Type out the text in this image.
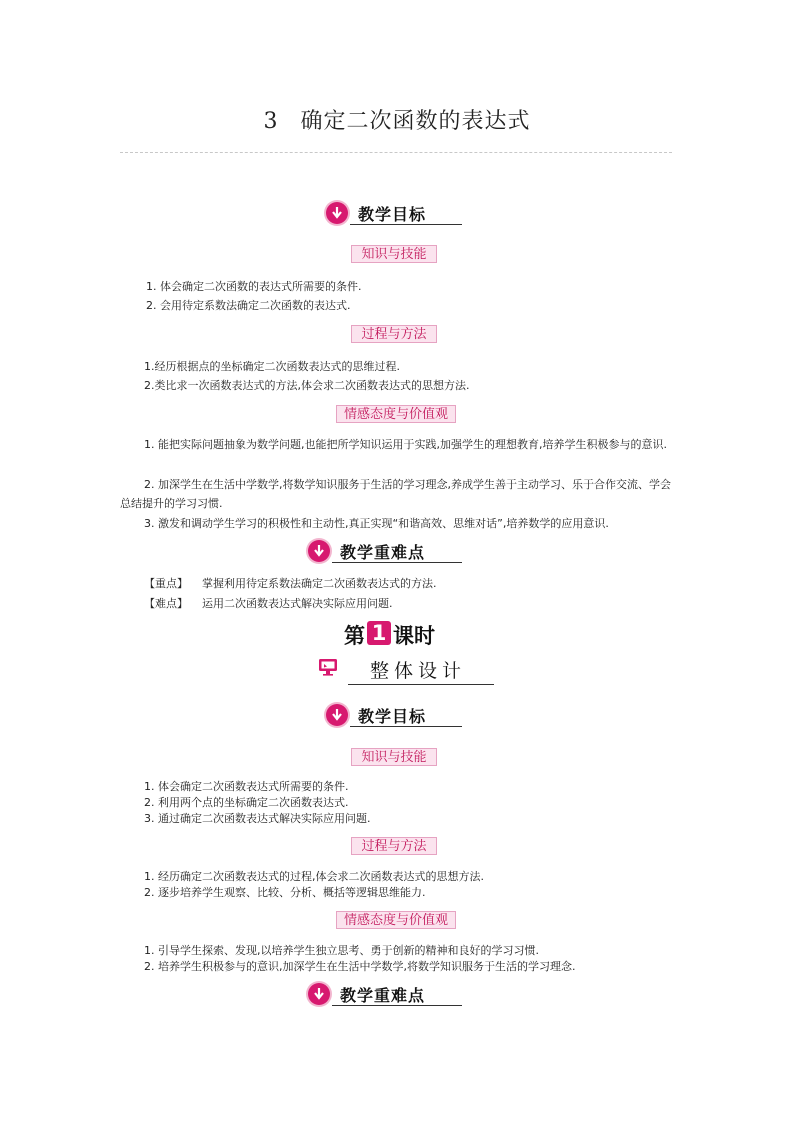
3 确定二次函数的表达式
教学目标
知识与技能
1. 体会确定二次函数的表达式所需要的条件.
2. 会用待定系数法确定二次函数的表达式.
过程与方法
1.经历根据点的坐标确定二次函数表达式的思维过程.
2.类比求一次函数表达式的方法,体会求二次函数表达式的思想方法.
情感态度与价值观
1. 能把实际问题抽象为数学问题,也能把所学知识运用于实践,加强学生的理想教育,培养学生积极参与的意识.
2. 加深学生在生活中学数学,将数学知识服务于生活的学习理念,养成学生善于主动学习、乐于合作交流、学会总结提升的学习习惯.
3. 激发和调动学生学习的积极性和主动性,真正实现“和谐高效、思维对话”,培养数学的应用意识.
教学重难点
【重点】 掌握利用待定系数法确定二次函数表达式的方法.
【难点】 运用二次函数表达式解决实际应用问题.
第 1 课时
整体设计
教学目标
知识与技能
1. 体会确定二次函数表达式所需要的条件.
2. 利用两个点的坐标确定二次函数表达式.
3. 通过确定二次函数表达式解决实际应用问题.
过程与方法
1. 经历确定二次函数表达式的过程,体会求二次函数表达式的思想方法.
2. 逐步培养学生观察、比较、分析、概括等逻辑思维能力.
情感态度与价值观
1. 引导学生探索、发现,以培养学生独立思考、勇于创新的精神和良好的学习习惯.
2. 培养学生积极参与的意识,加深学生在生活中学数学,将数学知识服务于生活的学习理念.
教学重难点
